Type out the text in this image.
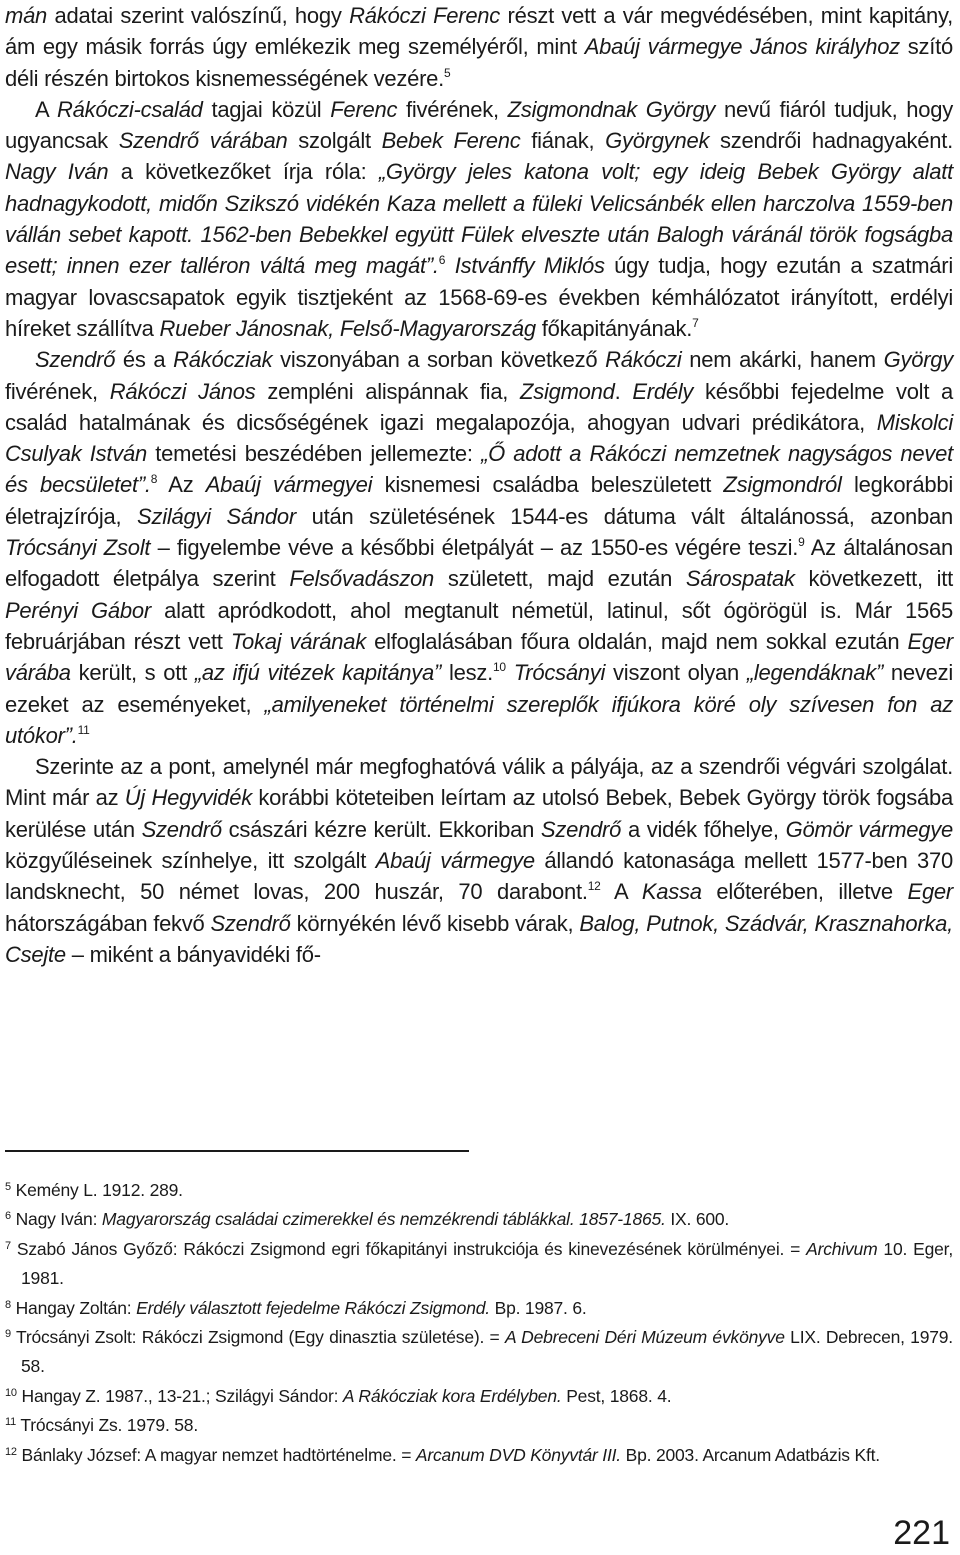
mán adatai szerint valószínű, hogy Rákóczi Ferenc részt vett a vár megvédésében, mint kapitány, ám egy másik forrás úgy emlékezik meg személyéről, mint Abaúj vármegye János királyhoz szító déli részén birtokos kisnemességének vezére.$^5$

A Rákóczi-család tagjai közül Ferenc fivérének, Zsigmondnak György nevű fiáról tudjuk, hogy ugyancsak Szendrő várában szolgált Bebek Ferenc fiának, Györgynek szendrői hadnagyaként. Nagy Iván a következőket írja róla: „György jeles katona volt; egy ideig Bebek György alatt hadnagykodott, midőn Szikszó vidékén Kaza mellett a füleki Velicsánbék ellen harczolva 1559-ben vállán sebet kapott. 1562-ben Bebekkel együtt Fülek elveszte után Balogh váránál török fogságba esett; innen ezer talléron váltá meg magát”.$^6$ Istvánffy Miklós úgy tudja, hogy ezután a szatmári magyar lovascsapatok egyik tisztjeként az 1568-69-es években kémhálózatot irányított, erdélyi híreket szállítva Rueber Jánosnak, Felső-Magyarország főkapitányának.$^7$

Szendrő és a Rákócziak viszonyában a sorban következő Rákóczi nem akárki, hanem György fivérének, Rákóczi János zempléni alispánnak fia, Zsigmond. Erdély későbbi fejedelme volt a család hatalmának és dicsőségének igazi megalapozója, ahogyan udvari prédikátora, Miskolci Csulyak István temetési beszédében jellemezte: „Ő adott a Rákóczi nemzetnek nagyságos nevet és becsületet”.$^8$ Az Abaúj vármegyei kisnemesi családba beleszületett Zsigmondról legkorábbi életrajzírója, Szilágyi Sándor után születésének 1544-es dátuma vált általánossá, azonban Trócsányi Zsolt – figyelembe véve a későbbi életpályát – az 1550-es végére teszi.$^9$ Az általánosan elfogadott életpálya szerint Felsővadászon született, majd ezután Sárospatak következett, itt Perényi Gábor alatt apródkodott, ahol megtanult németül, latinul, sőt ógörögül is. Már 1565 februárjában részt vett Tokaj várának elfoglalásában főura oldalán, majd nem sokkal ezután Eger várába került, s ott „az ifjú vitézek kapitánya” lesz.$^{10}$ Trócsányi viszont olyan „legendáknak” nevezi ezeket az eseményeket, „amilyeneket történelmi szereplők ifjúkora köré oly szívesen fon az utókor”.$^{11}$

Szerinte az a pont, amelynél már megfoghatóvá válik a pályája, az a szendrői végvári szolgálat. Mint már az Új Hegyvidék korábbi köteteiben leírtam az utolsó Bebek, Bebek György török fogsába kerülése után Szendrő császári kézre került. Ekkoriban Szendrő a vidék főhelye, Gömör vármegye közgyűléseinek színhelye, itt szolgált Abaúj vármegye állandó katonasága mellett 1577-ben 370 landsknecht, 50 német lovas, 200 huszár, 70 darabont.$^{12}$ A Kassa előterében, illetve Eger hátországában fekvő Szendrő környékén lévő kisebb várak, Balog, Putnok, Szádvár, Krasznahorka, Csejte – miként a bányavidéki fő-

$^5$ Kemény L. 1912. 289.
$^6$ Nagy Iván: Magyarország családai czimerekkel és nemzékrendi táblákkal. 1857-1865. IX. 600.
$^7$ Szabó János Győző: Rákóczi Zsigmond egri főkapitányi instrukciója és kinevezésének körülményei. = Archivum 10. Eger, 1981.
$^8$ Hangay Zoltán: Erdély választott fejedelme Rákóczi Zsigmond. Bp. 1987. 6.
$^9$ Trócsányi Zsolt: Rákóczi Zsigmond (Egy dinasztia születése). = A Debreceni Déri Múzeum évkönyve LIX. Debrecen, 1979. 58.
$^{10}$ Hangay Z. 1987., 13-21.; Szilágyi Sándor: A Rákócziak kora Erdélyben. Pest, 1868. 4.
$^{11}$ Trócsányi Zs. 1979. 58.
$^{12}$ Bánlaky József: A magyar nemzet hadtörténelme. = Arcanum DVD Könyvtár III. Bp. 2003. Arcanum Adatbázis Kft.
221
